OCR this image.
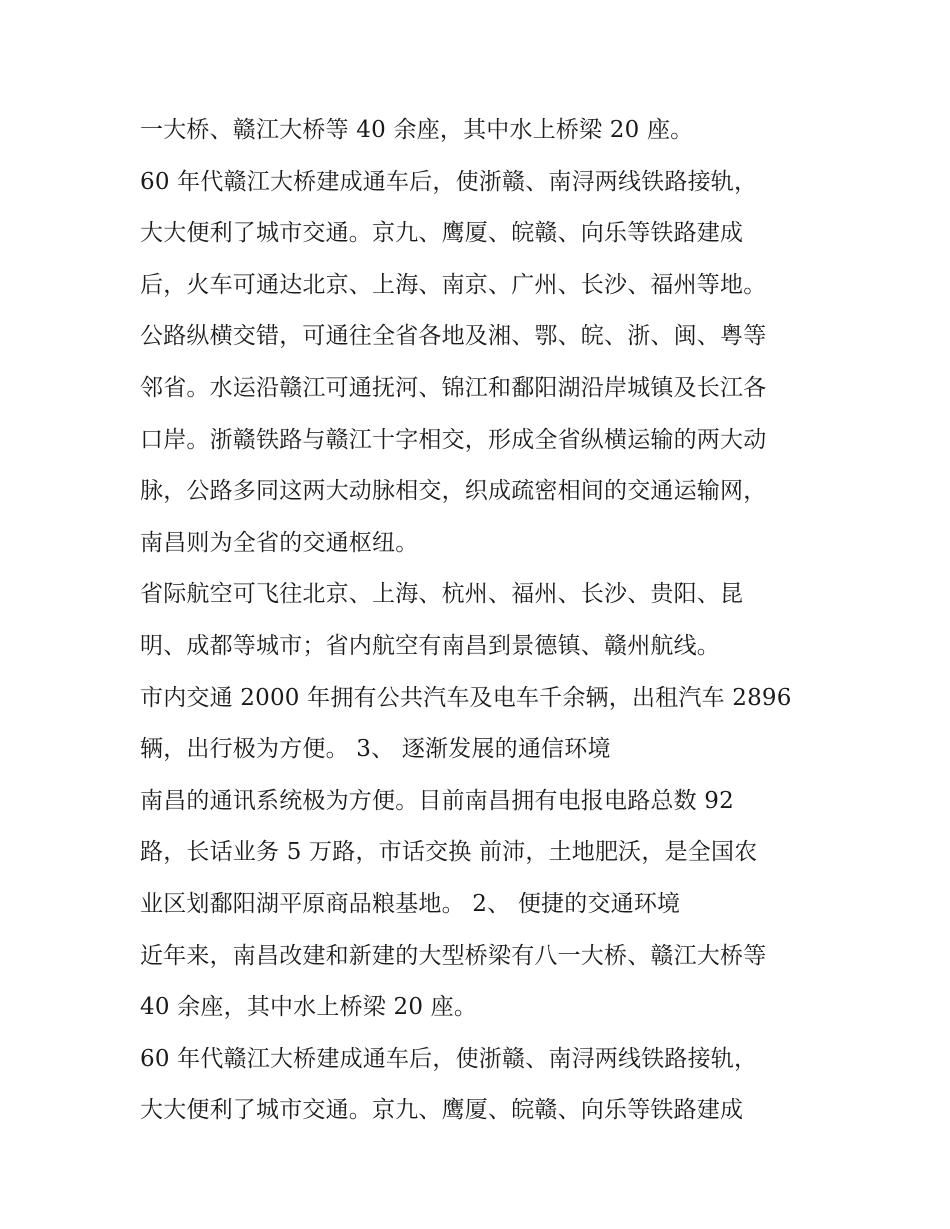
一大桥、赣江大桥等 40 余座，其中水上桥梁 20 座。
60 年代赣江大桥建成通车后，使浙赣、南浔两线铁路接轨，
大大便利了城市交通。京九、鹰厦、皖赣、向乐等铁路建成
后，火车可通达北京、上海、南京、广州、长沙、福州等地。
公路纵横交错，可通往全省各地及湘、鄂、皖、浙、闽、粤等
邻省。水运沿赣江可通抚河、锦江和鄱阳湖沿岸城镇及长江各
口岸。浙赣铁路与赣江十字相交，形成全省纵横运输的两大动
脉，公路多同这两大动脉相交，织成疏密相间的交通运输网，
南昌则为全省的交通枢纽。
省际航空可飞往北京、上海、杭州、福州、长沙、贵阳、昆
明、成都等城市；省内航空有南昌到景德镇、赣州航线。
市内交通 2000 年拥有公共汽车及电车千余辆，出租汽车 2896
辆，出行极为方便。 3、 逐渐发展的通信环境
南昌的通讯系统极为方便。目前南昌拥有电报电路总数 92
路，长话业务 5 万路，市话交换 前沛，土地肥沃，是全国农
业区划鄱阳湖平原商品粮基地。 2、 便捷的交通环境
近年来，南昌改建和新建的大型桥梁有八一大桥、赣江大桥等
40 余座，其中水上桥梁 20 座。
60 年代赣江大桥建成通车后，使浙赣、南浔两线铁路接轨，
大大便利了城市交通。京九、鹰厦、皖赣、向乐等铁路建成
